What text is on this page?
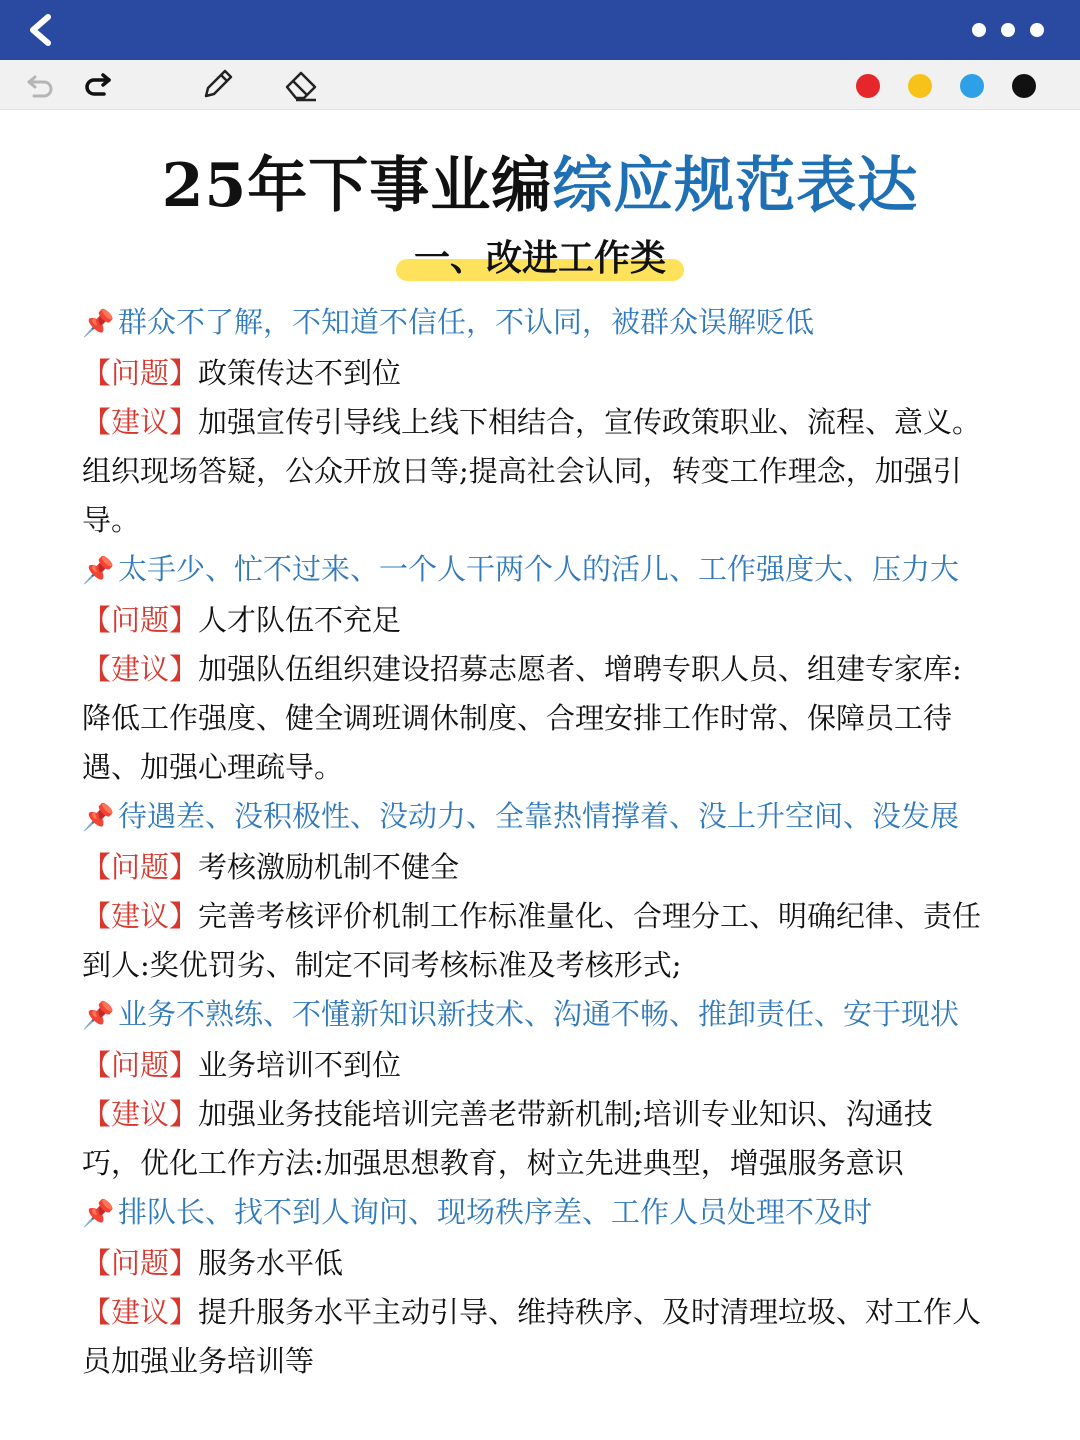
25年下事业编综应规范表达
一、改进工作类
📌 群众不了解，不知道不信任，不认同，被群众误解贬低
【问题】政策传达不到位
【建议】加强宣传引导线上线下相结合，宣传政策职业、流程、意义。
组织现场答疑，公众开放日等;提高社会认同，转变工作理念，加强引
导。
📌 太手少、忙不过来、一个人干两个人的活儿、工作强度大、压力大
【问题】人才队伍不充足
【建议】加强队伍组织建设招募志愿者、增聘专职人员、组建专家库:
降低工作强度、健全调班调休制度、合理安排工作时常、保障员工待
遇、加强心理疏导。
📌 待遇差、没积极性、没动力、全靠热情撑着、没上升空间、没发展
【问题】考核激励机制不健全
【建议】完善考核评价机制工作标准量化、合理分工、明确纪律、责任
到人:奖优罚劣、制定不同考核标准及考核形式;
📌 业务不熟练、不懂新知识新技术、沟通不畅、推卸责任、安于现状
【问题】业务培训不到位
【建议】加强业务技能培训完善老带新机制;培训专业知识、沟通技
巧，优化工作方法:加强思想教育，树立先进典型，增强服务意识
📌 排队长、找不到人询问、现场秩序差、工作人员处理不及时
【问题】服务水平低
【建议】提升服务水平主动引导、维持秩序、及时清理垃圾、对工作人
员加强业务培训等
